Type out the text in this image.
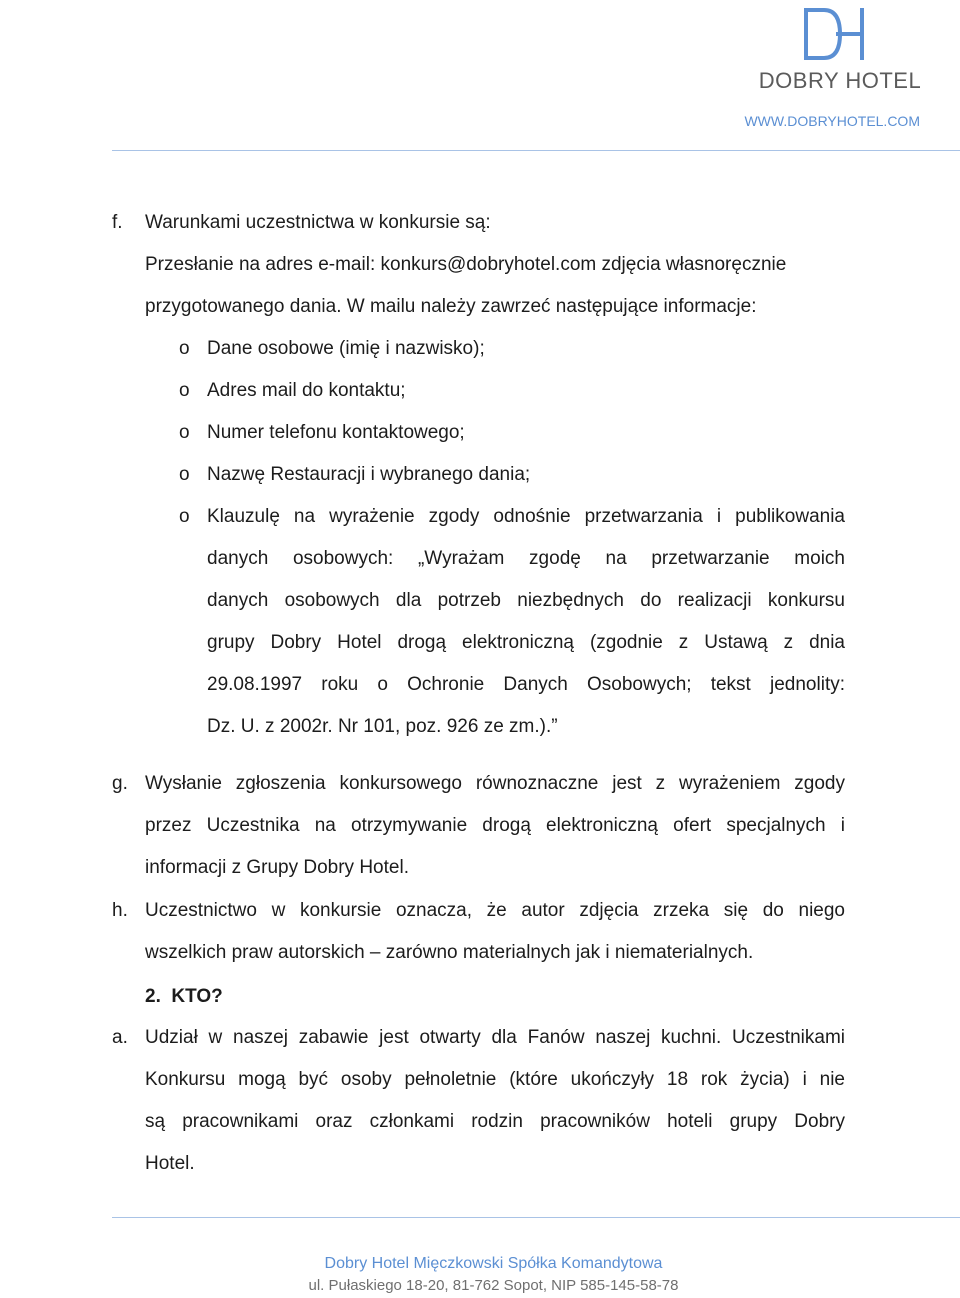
DOBRY HOTEL
WWW.DOBRYHOTEL.COM
f. Warunkami uczestnictwa w konkursie są:
Przesłanie na adres e-mail: konkurs@dobryhotel.com zdjęcia własnoręcznie
przygotowanego dania. W mailu należy zawrzeć następujące informacje:
o Dane osobowe (imię i nazwisko);
o Adres mail do kontaktu;
o Numer telefonu kontaktowego;
o Nazwę Restauracji i wybranego dania;
o Klauzulę na wyrażenie zgody odnośnie przetwarzania i publikowania
danych osobowych: „Wyrażam zgodę na przetwarzanie moich
danych osobowych dla potrzeb niezbędnych do realizacji konkursu
grupy Dobry Hotel drogą elektroniczną (zgodnie z Ustawą z dnia
29.08.1997 roku o Ochronie Danych Osobowych; tekst jednolity:
Dz. U. z 2002r. Nr 101, poz. 926 ze zm.).”
g. Wysłanie zgłoszenia konkursowego równoznaczne jest z wyrażeniem zgody
przez Uczestnika na otrzymywanie drogą elektroniczną ofert specjalnych i
informacji z Grupy Dobry Hotel.
h. Uczestnictwo w konkursie oznacza, że autor zdjęcia zrzeka się do niego
wszelkich praw autorskich – zarówno materialnych jak i niematerialnych.
2.  KTO?
a. Udział w naszej zabawie jest otwarty dla Fanów naszej kuchni. Uczestnikami
Konkursu mogą być osoby pełnoletnie (które ukończyły 18 rok życia) i nie
są pracownikami oraz członkami rodzin pracowników hoteli grupy Dobry
Hotel.
Dobry Hotel Mięczkowski Spółka Komandytowa
ul. Pułaskiego 18-20, 81-762 Sopot, NIP 585-145-58-78
